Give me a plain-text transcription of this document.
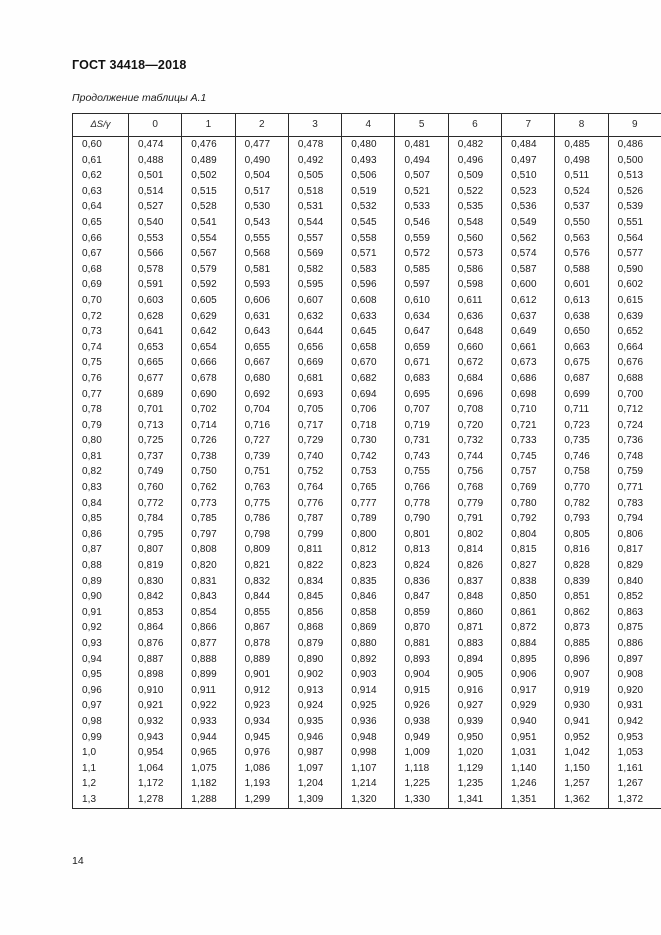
ГОСТ 34418—2018
Продолжение таблицы А.1
ΔS/γ	0	1	2	3	4	5	6	7	8	9
0,60	0,474	0,476	0,477	0,478	0,480	0,481	0,482	0,484	0,485	0,486
0,61	0,488	0,489	0,490	0,492	0,493	0,494	0,496	0,497	0,498	0,500
0,62	0,501	0,502	0,504	0,505	0,506	0,507	0,509	0,510	0,511	0,513
0,63	0,514	0,515	0,517	0,518	0,519	0,521	0,522	0,523	0,524	0,526
0,64	0,527	0,528	0,530	0,531	0,532	0,533	0,535	0,536	0,537	0,539
0,65	0,540	0,541	0,543	0,544	0,545	0,546	0,548	0,549	0,550	0,551
0,66	0,553	0,554	0,555	0,557	0,558	0,559	0,560	0,562	0,563	0,564
0,67	0,566	0,567	0,568	0,569	0,571	0,572	0,573	0,574	0,576	0,577
0,68	0,578	0,579	0,581	0,582	0,583	0,585	0,586	0,587	0,588	0,590
0,69	0,591	0,592	0,593	0,595	0,596	0,597	0,598	0,600	0,601	0,602
0,70	0,603	0,605	0,606	0,607	0,608	0,610	0,611	0,612	0,613	0,615
0,72	0,628	0,629	0,631	0,632	0,633	0,634	0,636	0,637	0,638	0,639
0,73	0,641	0,642	0,643	0,644	0,645	0,647	0,648	0,649	0,650	0,652
0,74	0,653	0,654	0,655	0,656	0,658	0,659	0,660	0,661	0,663	0,664
0,75	0,665	0,666	0,667	0,669	0,670	0,671	0,672	0,673	0,675	0,676
0,76	0,677	0,678	0,680	0,681	0,682	0,683	0,684	0,686	0,687	0,688
0,77	0,689	0,690	0,692	0,693	0,694	0,695	0,696	0,698	0,699	0,700
0,78	0,701	0,702	0,704	0,705	0,706	0,707	0,708	0,710	0,711	0,712
0,79	0,713	0,714	0,716	0,717	0,718	0,719	0,720	0,721	0,723	0,724
0,80	0,725	0,726	0,727	0,729	0,730	0,731	0,732	0,733	0,735	0,736
0,81	0,737	0,738	0,739	0,740	0,742	0,743	0,744	0,745	0,746	0,748
0,82	0,749	0,750	0,751	0,752	0,753	0,755	0,756	0,757	0,758	0,759
0,83	0,760	0,762	0,763	0,764	0,765	0,766	0,768	0,769	0,770	0,771
0,84	0,772	0,773	0,775	0,776	0,777	0,778	0,779	0,780	0,782	0,783
0,85	0,784	0,785	0,786	0,787	0,789	0,790	0,791	0,792	0,793	0,794
0,86	0,795	0,797	0,798	0,799	0,800	0,801	0,802	0,804	0,805	0,806
0,87	0,807	0,808	0,809	0,811	0,812	0,813	0,814	0,815	0,816	0,817
0,88	0,819	0,820	0,821	0,822	0,823	0,824	0,826	0,827	0,828	0,829
0,89	0,830	0,831	0,832	0,834	0,835	0,836	0,837	0,838	0,839	0,840
0,90	0,842	0,843	0,844	0,845	0,846	0,847	0,848	0,850	0,851	0,852
0,91	0,853	0,854	0,855	0,856	0,858	0,859	0,860	0,861	0,862	0,863
0,92	0,864	0,866	0,867	0,868	0,869	0,870	0,871	0,872	0,873	0,875
0,93	0,876	0,877	0,878	0,879	0,880	0,881	0,883	0,884	0,885	0,886
0,94	0,887	0,888	0,889	0,890	0,892	0,893	0,894	0,895	0,896	0,897
0,95	0,898	0,899	0,901	0,902	0,903	0,904	0,905	0,906	0,907	0,908
0,96	0,910	0,911	0,912	0,913	0,914	0,915	0,916	0,917	0,919	0,920
0,97	0,921	0,922	0,923	0,924	0,925	0,926	0,927	0,929	0,930	0,931
0,98	0,932	0,933	0,934	0,935	0,936	0,938	0,939	0,940	0,941	0,942
0,99	0,943	0,944	0,945	0,946	0,948	0,949	0,950	0,951	0,952	0,953
1,0	0,954	0,965	0,976	0,987	0,998	1,009	1,020	1,031	1,042	1,053
1,1	1,064	1,075	1,086	1,097	1,107	1,118	1,129	1,140	1,150	1,161
1,2	1,172	1,182	1,193	1,204	1,214	1,225	1,235	1,246	1,257	1,267
1,3	1,278	1,288	1,299	1,309	1,320	1,330	1,341	1,351	1,362	1,372
14
